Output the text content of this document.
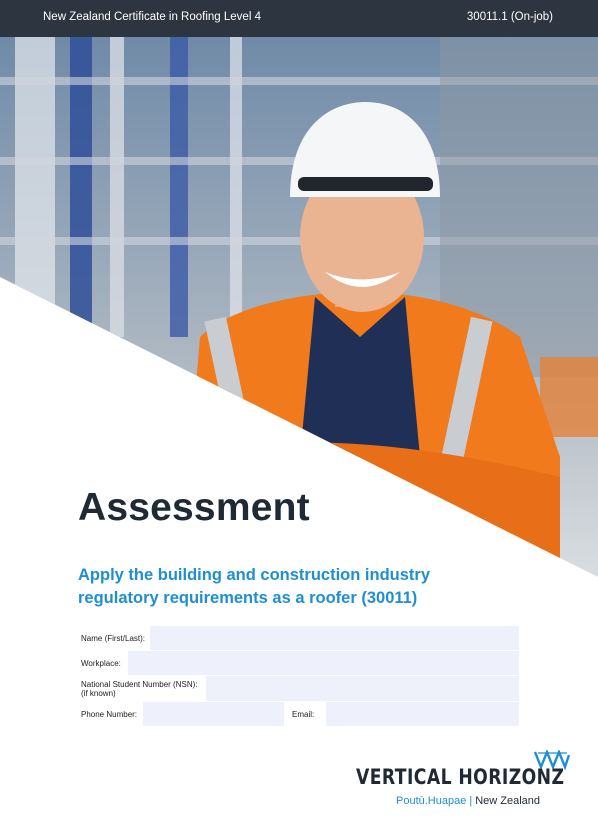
New Zealand Certificate in Roofing Level 4	30011.1 (On-job)
Assessment
Apply the building and construction industry
regulatory requirements as a roofer (30011)
Name (First/Last):
Workplace:
National Student Number (NSN):
(if known)
Phone Number:	Email:
VERTICAL HORIZONZ
Poutū.Huapae | New Zealand
